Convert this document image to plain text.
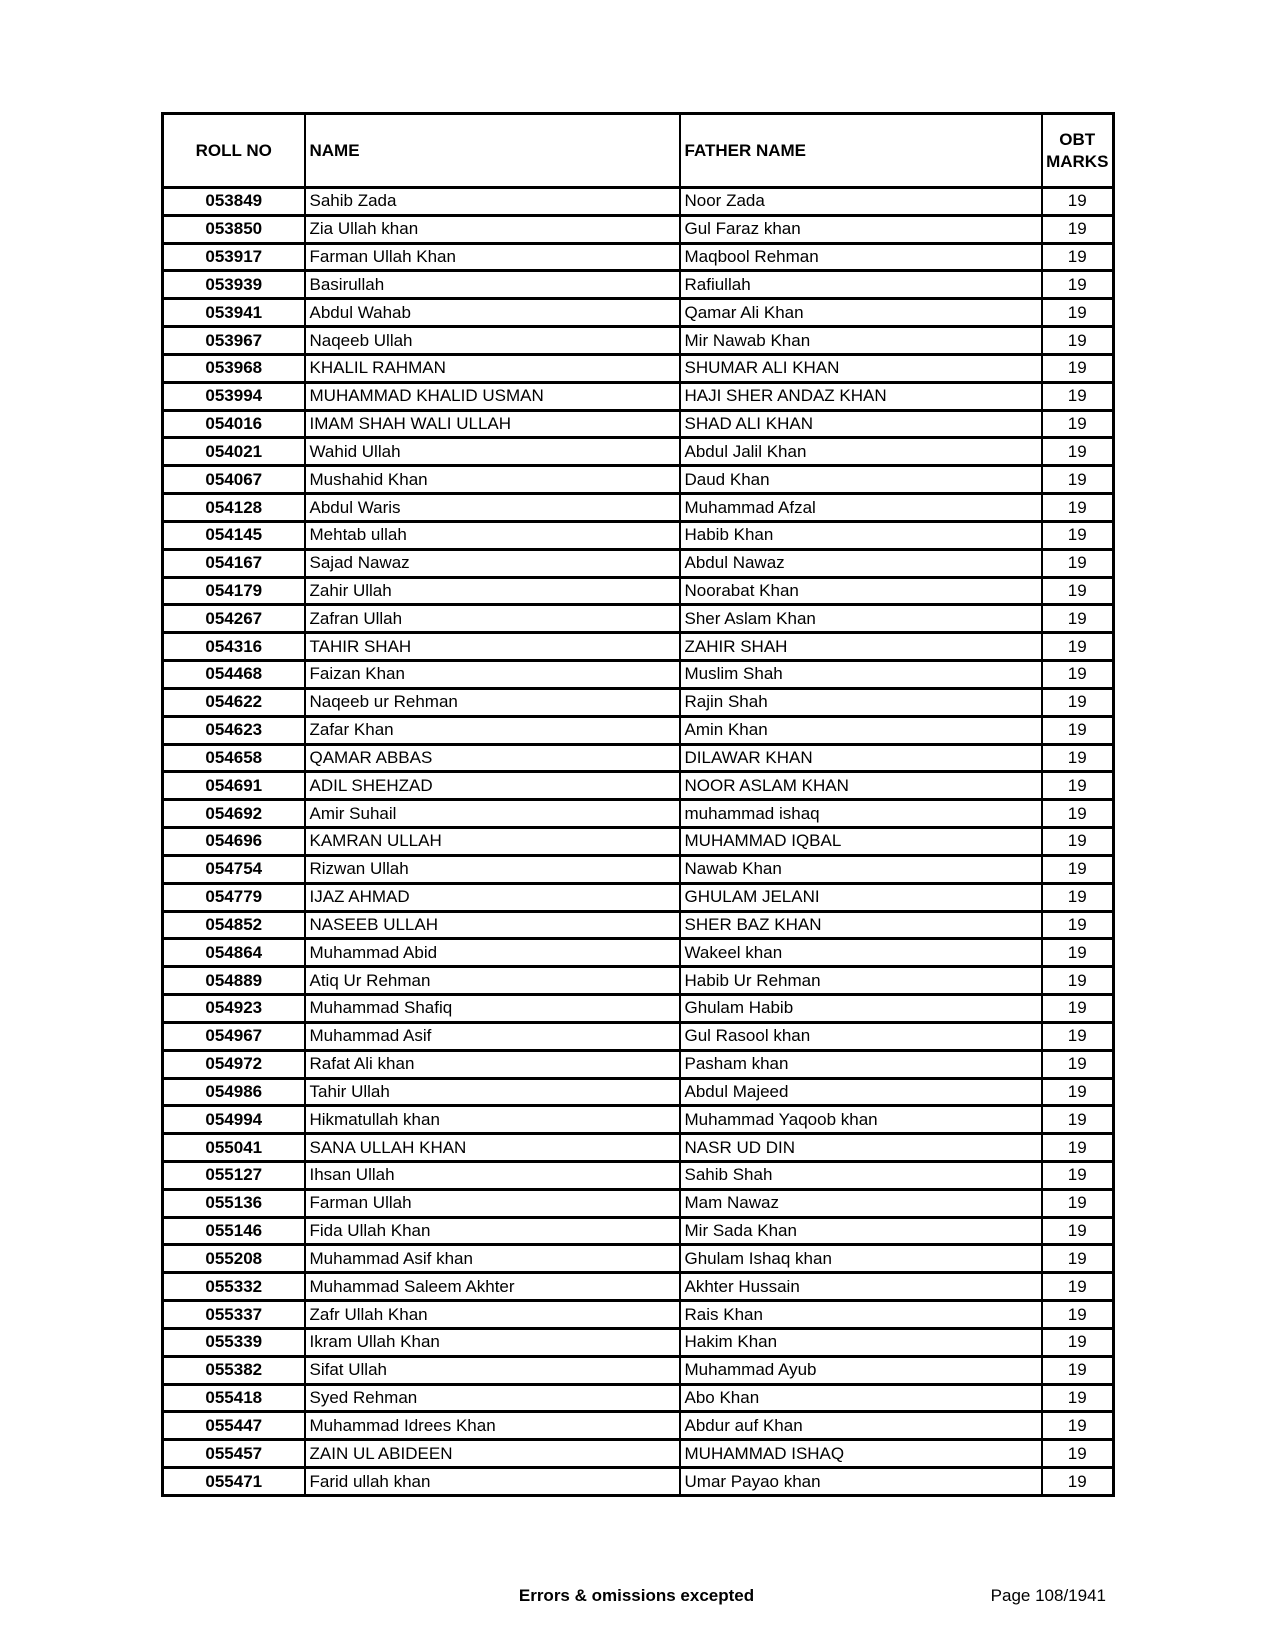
ROLL NO	NAME	FATHER NAME	OBT MARKS
053849	Sahib Zada	Noor Zada	19
053850	Zia Ullah khan	Gul Faraz khan	19
053917	Farman Ullah Khan	Maqbool Rehman	19
053939	Basirullah	Rafiullah	19
053941	Abdul Wahab	Qamar Ali Khan	19
053967	Naqeeb Ullah	Mir Nawab Khan	19
053968	KHALIL RAHMAN	SHUMAR ALI KHAN	19
053994	MUHAMMAD KHALID USMAN	HAJI SHER ANDAZ KHAN	19
054016	IMAM SHAH WALI ULLAH	SHAD ALI KHAN	19
054021	Wahid Ullah	Abdul Jalil Khan	19
054067	Mushahid Khan	Daud Khan	19
054128	Abdul Waris	Muhammad Afzal	19
054145	Mehtab ullah	Habib Khan	19
054167	Sajad Nawaz	Abdul Nawaz	19
054179	Zahir Ullah	Noorabat Khan	19
054267	Zafran Ullah	Sher Aslam Khan	19
054316	TAHIR SHAH	ZAHIR SHAH	19
054468	Faizan Khan	Muslim Shah	19
054622	Naqeeb ur Rehman	Rajin Shah	19
054623	Zafar Khan	Amin Khan	19
054658	QAMAR ABBAS	DILAWAR KHAN	19
054691	ADIL SHEHZAD	NOOR ASLAM KHAN	19
054692	Amir Suhail	muhammad ishaq	19
054696	KAMRAN ULLAH	MUHAMMAD IQBAL	19
054754	Rizwan Ullah	Nawab Khan	19
054779	IJAZ AHMAD	GHULAM JELANI	19
054852	NASEEB ULLAH	SHER BAZ KHAN	19
054864	Muhammad Abid	Wakeel khan	19
054889	Atiq Ur Rehman	Habib Ur Rehman	19
054923	Muhammad Shafiq	Ghulam Habib	19
054967	Muhammad Asif	Gul Rasool khan	19
054972	Rafat Ali khan	Pasham khan	19
054986	Tahir Ullah	Abdul Majeed	19
054994	Hikmatullah khan	Muhammad Yaqoob khan	19
055041	SANA ULLAH KHAN	NASR UD DIN	19
055127	Ihsan Ullah	Sahib Shah	19
055136	Farman Ullah	Mam Nawaz	19
055146	Fida Ullah Khan	Mir Sada Khan	19
055208	Muhammad Asif khan	Ghulam Ishaq khan	19
055332	Muhammad Saleem Akhter	Akhter Hussain	19
055337	Zafr Ullah Khan	Rais Khan	19
055339	Ikram Ullah Khan	Hakim Khan	19
055382	Sifat Ullah	Muhammad Ayub	19
055418	Syed Rehman	Abo Khan	19
055447	Muhammad Idrees Khan	Abdur auf Khan	19
055457	ZAIN UL ABIDEEN	MUHAMMAD ISHAQ	19
055471	Farid ullah khan	Umar Payao khan	19
Errors & omissions excepted	Page 108/1941
